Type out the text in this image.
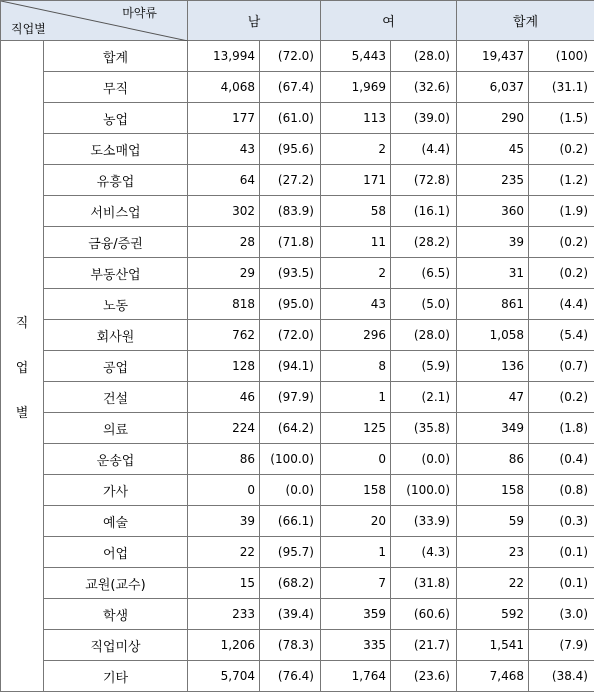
마약류
직업별		남		여		합계	

직
업
별	합계	13,994	(72.0)	5,443	(28.0)	19,437	(100)
	무직	4,068	(67.4)	1,969	(32.6)	6,037	(31.1)
	농업	177	(61.0)	113	(39.0)	290	(1.5)
	도소매업	43	(95.6)	2	(4.4)	45	(0.2)
	유흥업	64	(27.2)	171	(72.8)	235	(1.2)
	서비스업	302	(83.9)	58	(16.1)	360	(1.9)
	금융/증권	28	(71.8)	11	(28.2)	39	(0.2)
	부동산업	29	(93.5)	2	(6.5)	31	(0.2)
	노동	818	(95.0)	43	(5.0)	861	(4.4)
	회사원	762	(72.0)	296	(28.0)	1,058	(5.4)
	공업	128	(94.1)	8	(5.9)	136	(0.7)
	건설	46	(97.9)	1	(2.1)	47	(0.2)
	의료	224	(64.2)	125	(35.8)	349	(1.8)
	운송업	86	(100.0)	0	(0.0)	86	(0.4)
	가사	0	(0.0)	158	(100.0)	158	(0.8)
	예술	39	(66.1)	20	(33.9)	59	(0.3)
	어업	22	(95.7)	1	(4.3)	23	(0.1)
	교원(교수)	15	(68.2)	7	(31.8)	22	(0.1)
	학생	233	(39.4)	359	(60.6)	592	(3.0)
	직업미상	1,206	(78.3)	335	(21.7)	1,541	(7.9)
	기타	5,704	(76.4)	1,764	(23.6)	7,468	(38.4)
